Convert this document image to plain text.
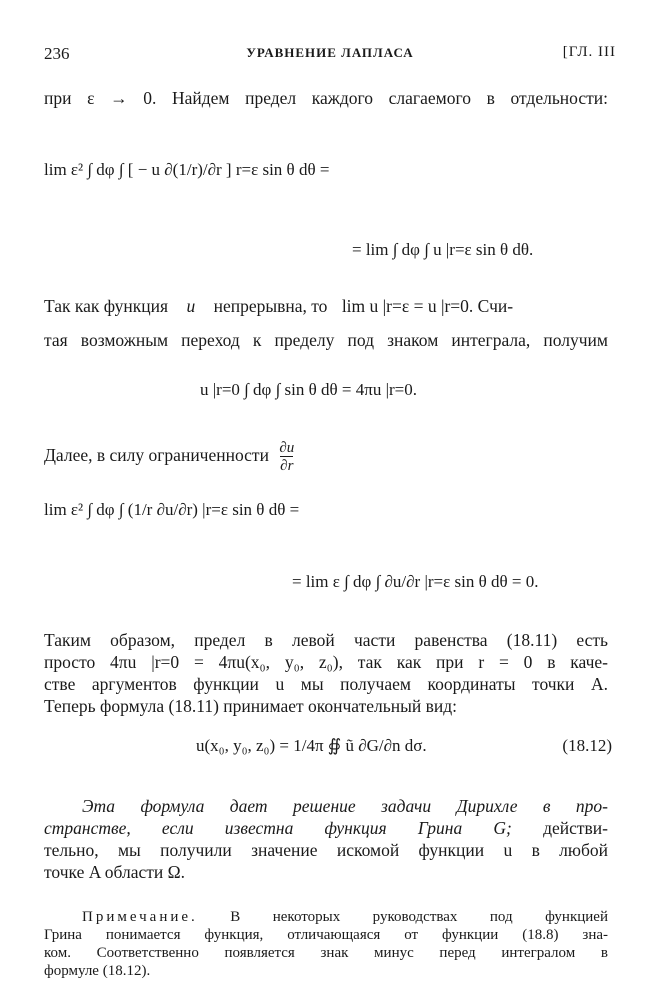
236	УРАВНЕНИЕ ЛАПЛАСА	[ГЛ. III
при ε → 0. Найдем предел каждого слагаемого в отдельности:
lim ε² ∫ dφ ∫ [ − u ∂(1/r)/∂r ] r=ε sin θ dθ =
= lim ∫ dφ ∫ u |r=ε sin θ dθ.
Так как функция u непрерывна, то lim u |r=ε = u |r=0. Счи-
тая возможным переход к пределу под знаком интеграла, получим
u |r=0 ∫ dφ ∫ sin θ dθ = 4πu |r=0.
Далее, в силу ограниченности ∂u
∂r
lim ε² ∫ dφ ∫ (1/r ∂u/∂r) |r=ε sin θ dθ =
= lim ε ∫ dφ ∫ ∂u/∂r |r=ε sin θ dθ = 0.
Таким образом, предел в левой части равенства (18.11) есть
просто 4πu |r=0 = 4πu(x₀, y₀, z₀), так как при r = 0 в каче-
стве аргументов функции u мы получаем координаты точки A.
Теперь формула (18.11) принимает окончательный вид:
u(x₀, y₀, z₀) = 1/4π ∯ ũ ∂G/∂n dσ.	(18.12)
Эта формула дает решение задачи Дирихле в про-
странстве, если известна функция Грина G; действи-
тельно, мы получили значение искомой функции u в любой
точке A области Ω.
Примечание. В некоторых руководствах под функцией
Грина понимается функция, отличающаяся от функции (18.8) зна-
ком. Соответственно появляется знак минус перед интегралом в
формуле (18.12).
